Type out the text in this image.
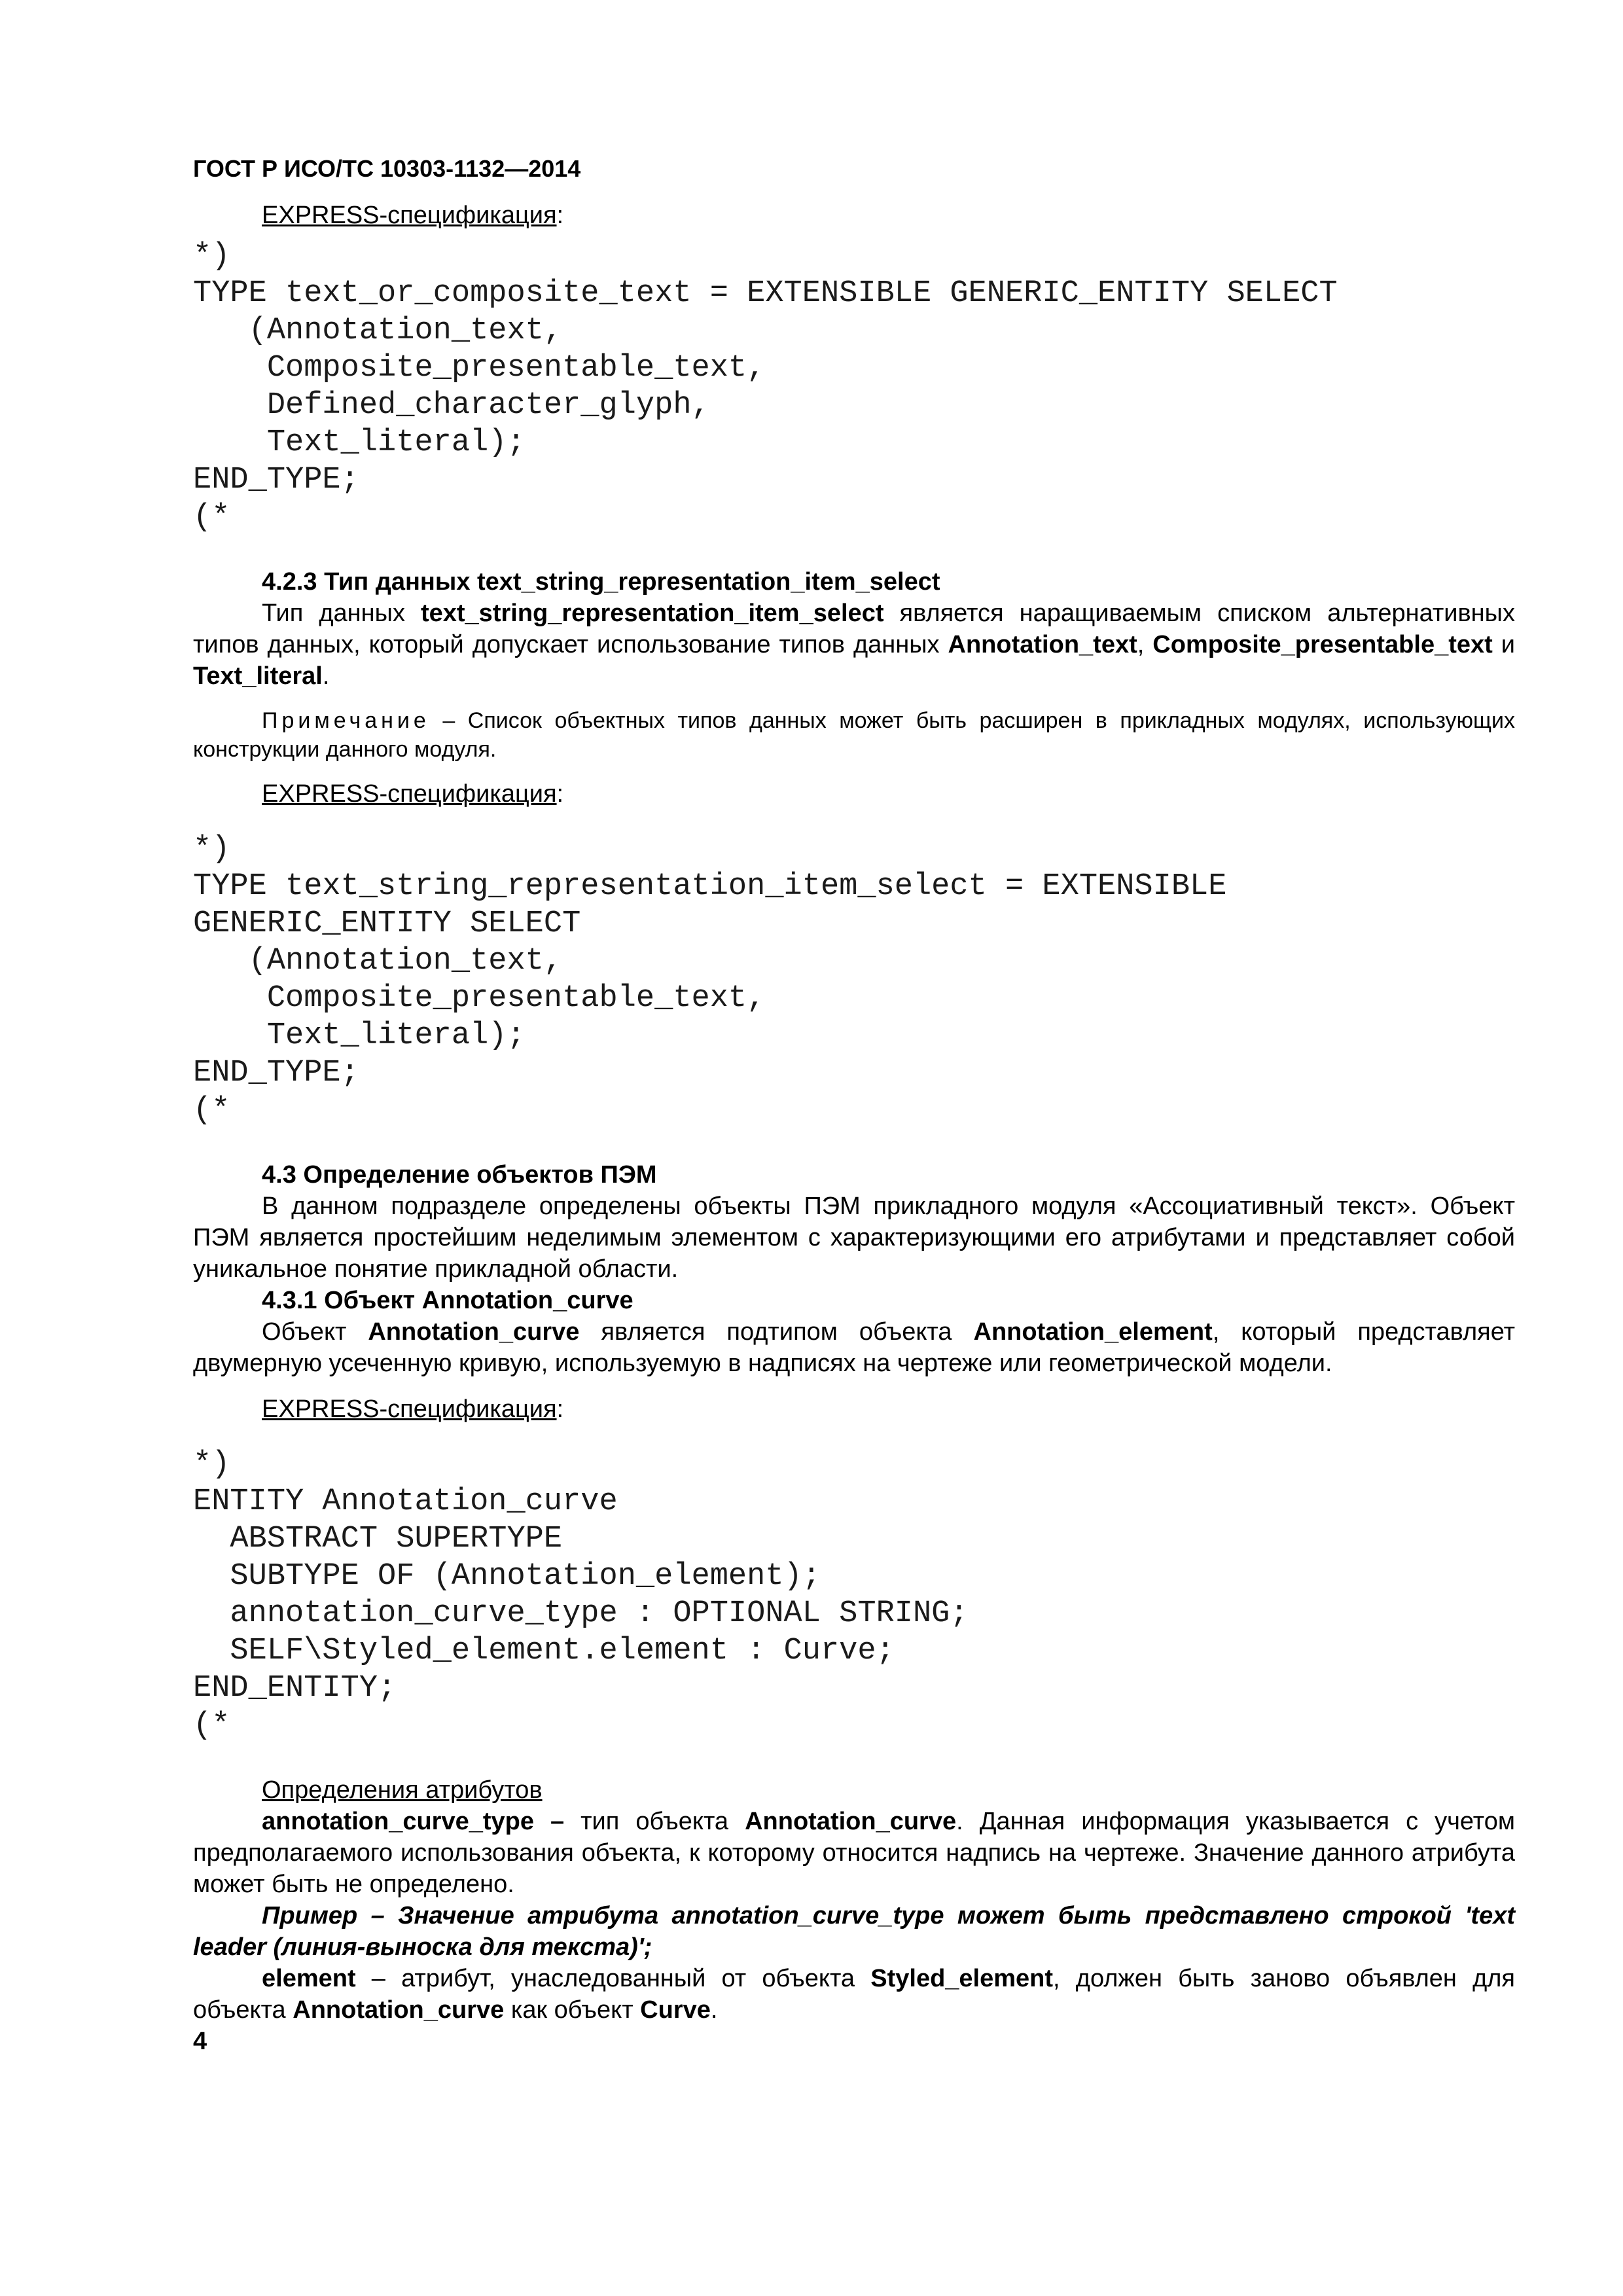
ГОСТ Р ИСО/ТС 10303-1132—2014
EXPRESS-спецификация:
*)
TYPE text_or_composite_text = EXTENSIBLE GENERIC_ENTITY SELECT
(Annotation_text,
Composite_presentable_text,
Defined_character_glyph,
Text_literal);
END_TYPE;
(*
4.2.3 Тип данных text_string_representation_item_select

Тип данных text_string_representation_item_select является наращиваемым списком альтернативных типов данных, который допускает использование типов данных Annotation_text, Composite_presentable_text и Text_literal.

Примечание – Список объектных типов данных может быть расширен в прикладных модулях, использующих конструкции данного модуля.

EXPRESS-спецификация:
*)
TYPE text_string_representation_item_select = EXTENSIBLE
GENERIC_ENTITY SELECT
(Annotation_text,
Composite_presentable_text,
Text_literal);
END_TYPE;
(*
4.3 Определение объектов ПЭМ

В данном подразделе определены объекты ПЭМ прикладного модуля «Ассоциативный текст». Объект ПЭМ является простейшим неделимым элементом с характеризующими его атрибутами и представляет собой уникальное понятие прикладной области.

4.3.1 Объект Annotation_curve

Объект Annotation_curve является подтипом объекта Annotation_element, который представляет двумерную усеченную кривую, используемую в надписях на чертеже или геометрической модели.

EXPRESS-спецификация:
*)
ENTITY Annotation_curve
ABSTRACT SUPERTYPE
SUBTYPE OF (Annotation_element);
annotation_curve_type : OPTIONAL STRING;
SELF\Styled_element.element : Curve;
END_ENTITY;
(*
Определения атрибутов

annotation_curve_type – тип объекта Annotation_curve. Данная информация указывается с учетом предполагаемого использования объекта, к которому относится надпись на чертеже. Значение данного атрибута может быть не определено.

Пример – Значение атрибута annotation_curve_type может быть представлено строкой 'text leader (линия-выноска для текста)';

element – атрибут, унаследованный от объекта Styled_element, должен быть заново объявлен для объекта Annotation_curve как объект Curve.

4
